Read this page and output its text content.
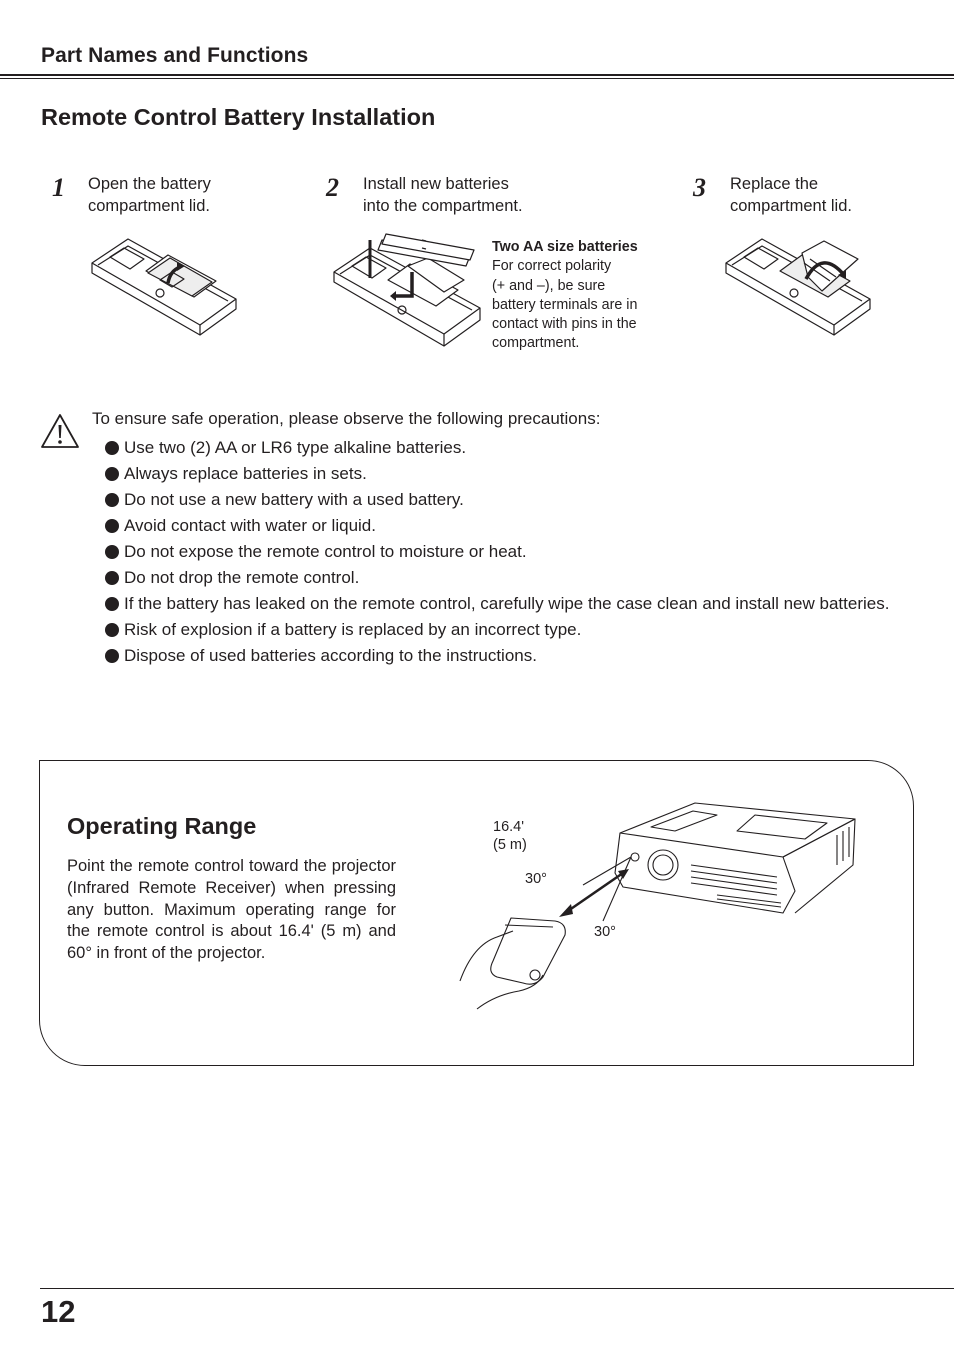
Part Names and Functions
Remote Control Battery Installation
1 Open the battery
compartment lid.
2 Install new batteries
into the compartment.
Two AA size batteries
For correct polarity
(+ and –), be sure
battery terminals are in
contact with pins in the
compartment.
3 Replace the
compartment lid.
To ensure safe operation, please observe the following precautions:
Use two (2) AA or LR6 type alkaline batteries.
Always replace batteries in sets.
Do not use a new battery with a used battery.
Avoid contact with water or liquid.
Do not expose the remote control to moisture or heat.
Do not drop the remote control.
If the battery has leaked on the remote control, carefully wipe the case clean and install new batteries.
Risk of explosion if a battery is replaced by an incorrect type.
Dispose of used batteries according to the instructions.
Operating Range
Point the remote control toward the projector (Infrared Remote Receiver) when pressing any button. Maximum operating range for the remote control is about 16.4' (5 m) and 60° in front of the projector.
16.4'
(5 m)
30°
30°
12
